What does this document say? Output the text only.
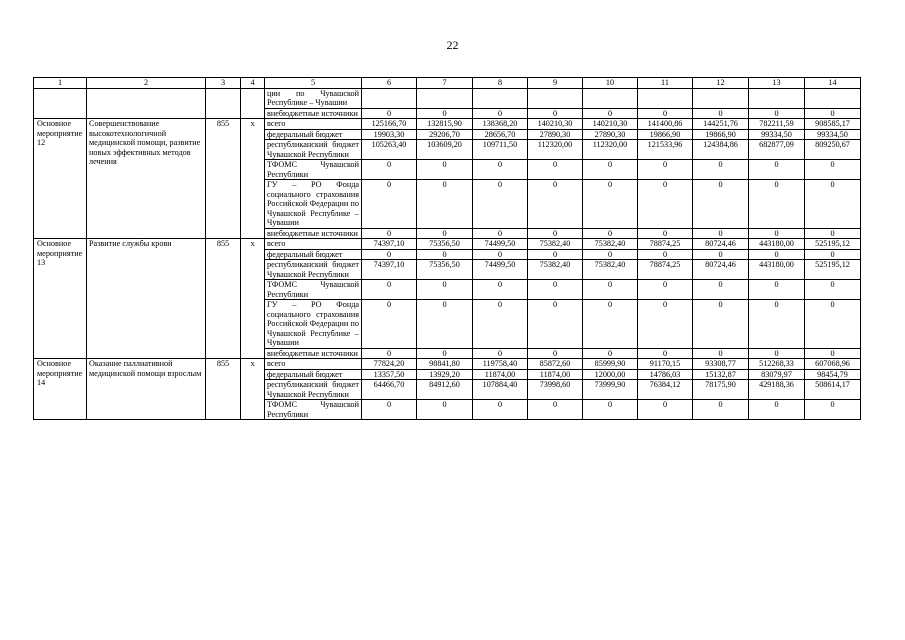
22
1	2	3	4	5	6	7	8	9	10	11	12	13	14
				ции по Чувашской Республике – Чувашии									
				внебюджетные источники	0	0	0	0	0	0	0	0	0
Основное мероприятие 12	Совершенствование высокотехнологичной медицинской помощи, развитие новых эффективных методов лечения	855	x	всего	125166,70	132815,90	138368,20	140210,30	140210,30	141400,86	144251,76	782211,59	908585,17
				федеральный бюджет	19903,30	29206,70	28656,70	27890,30	27890,30	19866,90	19866,90	99334,50	99334,50
				республиканский бюджет Чувашской Республики	105263,40	103609,20	109711,50	112320,00	112320,00	121533,96	124384,86	682877,09	809250,67
				ТФОМС Чувашской Республики	0	0	0	0	0	0	0	0	0
				ГУ – РО Фонда социального страхования Российской Федерации по Чувашской Республике – Чувашии	0	0	0	0	0	0	0	0	0
				внебюджетные источники	0	0	0	0	0	0	0	0	0
Основное мероприятие 13	Развитие службы крови	855	x	всего	74397,10	75356,50	74499,50	75382,40	75382,40	78874,25	80724,46	443180,00	525195,12
				федеральный бюджет	0	0	0	0	0	0	0	0	0
				республиканский бюджет Чувашской Республики	74397,10	75356,50	74499,50	75382,40	75382,40	78874,25	80724,46	443180,00	525195,12
				ТФОМС Чувашской Республики	0	0	0	0	0	0	0	0	0
				ГУ – РО Фонда социального страхования Российской Федерации по Чувашской Республике – Чувашии	0	0	0	0	0	0	0	0	0
				внебюджетные источники	0	0	0	0	0	0	0	0	0
Основное мероприятие 14	Оказание паллиативной медицинской помощи взрослым	855	x	всего	77824,20	98841,80	119758,40	85872,60	85999,90	91170,15	93308,77	512268,33	607068,96
				федеральный бюджет	13357,50	13929,20	11874,00	11874,00	12000,00	14786,03	15132,87	83079,97	98454,79
				республиканский бюджет Чувашской Республики	64466,70	84912,60	107884,40	73998,60	73999,90	76384,12	78175,90	429188,36	508614,17
				ТФОМС Чувашской Республики	0	0	0	0	0	0	0	0	0
